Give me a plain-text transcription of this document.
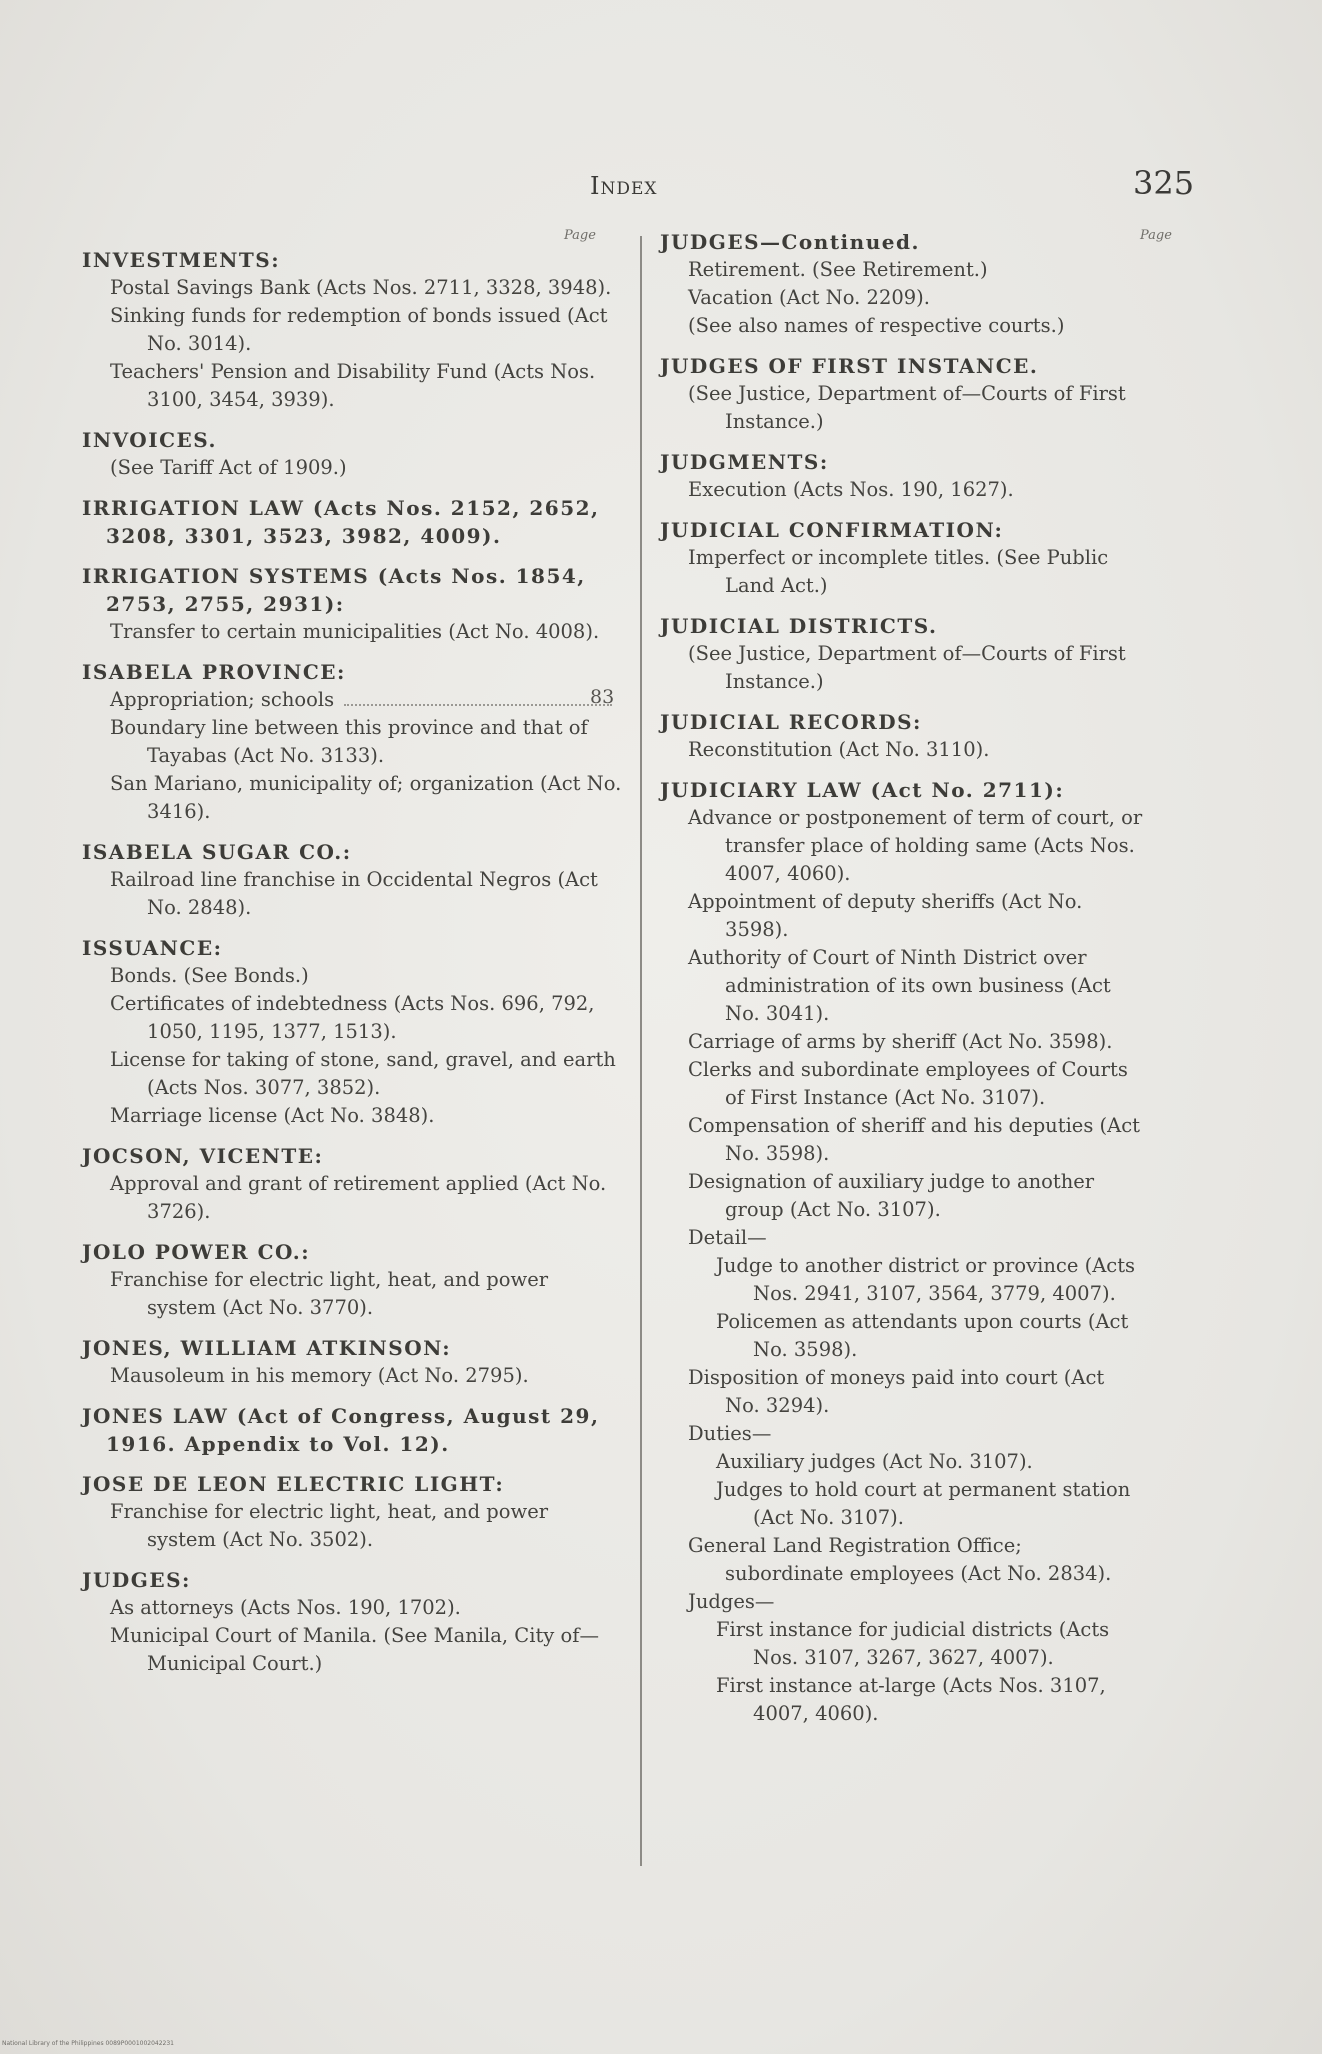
Index	325
Page
INVESTMENTS:
Postal Savings Bank (Acts Nos. 2711, 3328, 3948).
Sinking funds for redemption of bonds issued (Act No. 3014).
Teachers' Pension and Disability Fund (Acts Nos. 3100, 3454, 3939).
INVOICES.
(See Tariff Act of 1909.)
IRRIGATION LAW (Acts Nos. 2152, 2652, 3208, 3301, 3523, 3982, 4009).
IRRIGATION SYSTEMS (Acts Nos. 1854, 2753, 2755, 2931):
Transfer to certain municipalities (Act No. 4008).
ISABELA PROVINCE:
Appropriation; schools	83
Boundary line between this province and that of Tayabas (Act No. 3133).
San Mariano, municipality of; organization (Act No. 3416).
ISABELA SUGAR CO.:
Railroad line franchise in Occidental Negros (Act No. 2848).
ISSUANCE:
Bonds. (See Bonds.)
Certificates of indebtedness (Acts Nos. 696, 792, 1050, 1195, 1377, 1513).
License for taking of stone, sand, gravel, and earth (Acts Nos. 3077, 3852).
Marriage license (Act No. 3848).
JOCSON, VICENTE:
Approval and grant of retirement applied (Act No. 3726).
JOLO POWER CO.:
Franchise for electric light, heat, and power system (Act No. 3770).
JONES, WILLIAM ATKINSON:
Mausoleum in his memory (Act No. 2795).
JONES LAW (Act of Congress, August 29, 1916. Appendix to Vol. 12).
JOSE DE LEON ELECTRIC LIGHT:
Franchise for electric light, heat, and power system (Act No. 3502).
JUDGES:
As attorneys (Acts Nos. 190, 1702).
Municipal Court of Manila. (See Manila, City of—Municipal Court.)
Page
JUDGES—Continued.
Retirement. (See Retirement.)
Vacation (Act No. 2209).
(See also names of respective courts.)
JUDGES OF FIRST INSTANCE.
(See Justice, Department of—Courts of First Instance.)
JUDGMENTS:
Execution (Acts Nos. 190, 1627).
JUDICIAL CONFIRMATION:
Imperfect or incomplete titles. (See Public Land Act.)
JUDICIAL DISTRICTS.
(See Justice, Department of—Courts of First Instance.)
JUDICIAL RECORDS:
Reconstitution (Act No. 3110).
JUDICIARY LAW (Act No. 2711):
Advance or postponement of term of court, or transfer place of holding same (Acts Nos. 4007, 4060).
Appointment of deputy sheriffs (Act No. 3598).
Authority of Court of Ninth District over administration of its own business (Act No. 3041).
Carriage of arms by sheriff (Act No. 3598).
Clerks and subordinate employees of Courts of First Instance (Act No. 3107).
Compensation of sheriff and his deputies (Act No. 3598).
Designation of auxiliary judge to another group (Act No. 3107).
Detail—
Judge to another district or province (Acts Nos. 2941, 3107, 3564, 3779, 4007).
Policemen as attendants upon courts (Act No. 3598).
Disposition of moneys paid into court (Act No. 3294).
Duties—
Auxiliary judges (Act No. 3107).
Judges to hold court at permanent station (Act No. 3107).
General Land Registration Office; subordinate employees (Act No. 2834).
Judges—
First instance for judicial districts (Acts Nos. 3107, 3267, 3627, 4007).
First instance at-large (Acts Nos. 3107, 4007, 4060).
National Library of the Philippines 0089P0001002042231
